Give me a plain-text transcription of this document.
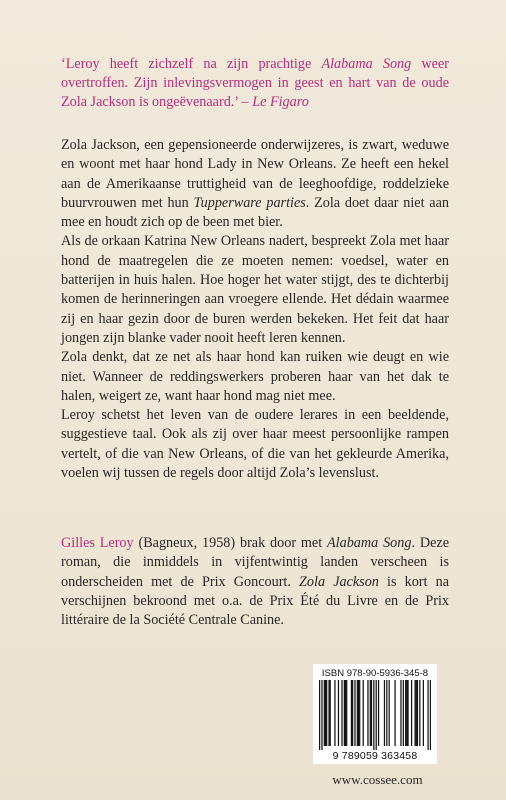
‘Leroy heeft zichzelf na zijn prachtige Alabama Song weer overtroffen. Zijn inlevingsvermogen in geest en hart van de oude Zola Jackson is ongeëvenaard.’ – Le Figaro

Zola Jackson, een gepensioneerde onderwijzeres, is zwart, weduwe en woont met haar hond Lady in New Orleans. Ze heeft een hekel aan de Amerikaanse truttigheid van de leeghoofdige, roddelzieke buurvrouwen met hun Tupperware parties. Zola doet daar niet aan mee en houdt zich op de been met bier.

Als de orkaan Katrina New Orleans nadert, bespreekt Zola met haar hond de maatregelen die ze moeten nemen: voedsel, water en batterijen in huis halen. Hoe hoger het water stijgt, des te dichterbij komen de herinneringen aan vroegere ellende. Het dédain waarmee zij en haar gezin door de buren werden bekeken. Het feit dat haar jongen zijn blanke vader nooit heeft leren kennen.

Zola denkt, dat ze net als haar hond kan ruiken wie deugt en wie niet. Wanneer de reddingswerkers proberen haar van het dak te halen, weigert ze, want haar hond mag niet mee.

Leroy schetst het leven van de oudere lerares in een beeldende, suggestieve taal. Ook als zij over haar meest persoonlijke rampen vertelt, of die van New Orleans, of die van het gekleurde Amerika, voelen wij tussen de regels door altijd Zola’s levenslust.

Gilles Leroy (Bagneux, 1958) brak door met Alabama Song. Deze roman, die inmiddels in vijfentwintig landen verscheen is onderscheiden met de Prix Goncourt. Zola Jackson is kort na verschijnen bekroond met o.a. de Prix Été du Livre en de Prix littéraire de la Société Centrale Canine.

ISBN 978-90-5936-345-8
9 789059 363458
www.cossee.com
